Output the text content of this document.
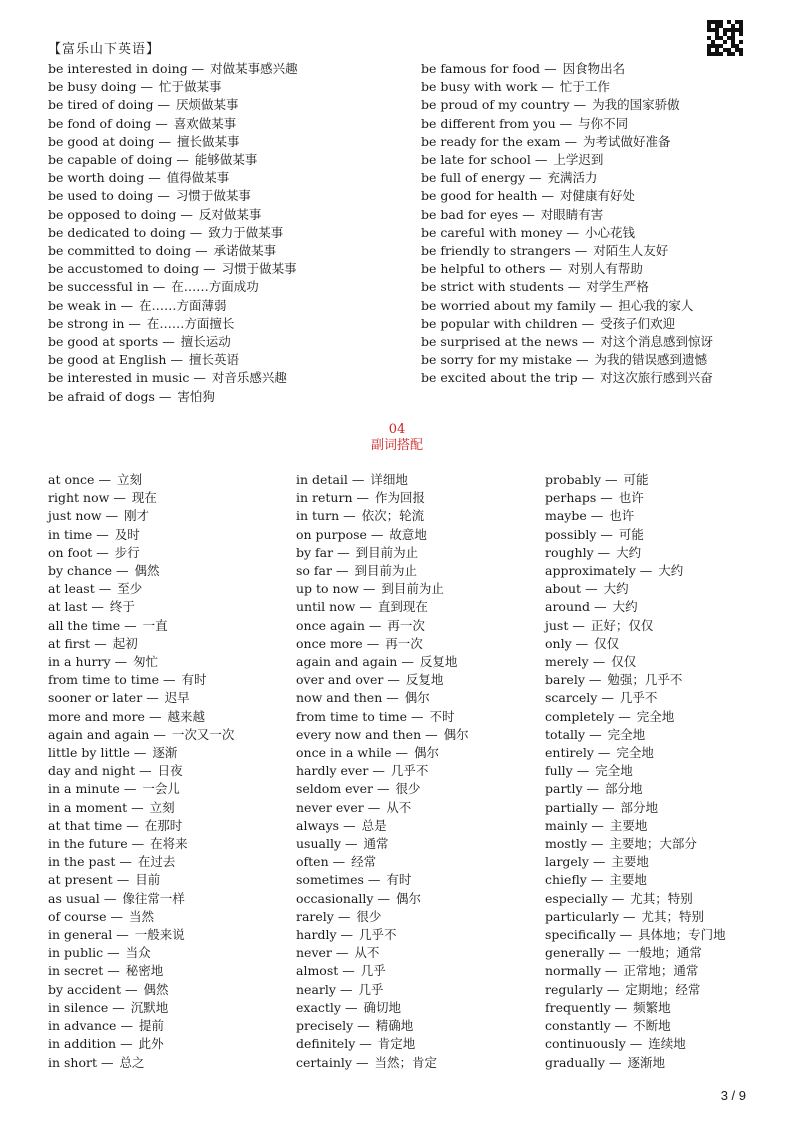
【富乐山下英语】
be interested in doing — 对做某事感兴趣
be busy doing — 忙于做某事
be tired of doing — 厌烦做某事
be fond of doing — 喜欢做某事
be good at doing — 擅长做某事
be capable of doing — 能够做某事
be worth doing — 值得做某事
be used to doing — 习惯于做某事
be opposed to doing — 反对做某事
be dedicated to doing — 致力于做某事
be committed to doing — 承诺做某事
be accustomed to doing — 习惯于做某事
be successful in — 在……方面成功
be weak in — 在……方面薄弱
be strong in — 在……方面擅长
be good at sports — 擅长运动
be good at English — 擅长英语
be interested in music — 对音乐感兴趣
be afraid of dogs — 害怕狗
be famous for food — 因食物出名
be busy with work — 忙于工作
be proud of my country — 为我的国家骄傲
be different from you — 与你不同
be ready for the exam — 为考试做好准备
be late for school — 上学迟到
be full of energy — 充满活力
be good for health — 对健康有好处
be bad for eyes — 对眼睛有害
be careful with money — 小心花钱
be friendly to strangers — 对陌生人友好
be helpful to others — 对别人有帮助
be strict with students — 对学生严格
be worried about my family — 担心我的家人
be popular with children — 受孩子们欢迎
be surprised at the news — 对这个消息感到惊讶
be sorry for my mistake — 为我的错误感到遗憾
be excited about the trip — 对这次旅行感到兴奋
04
副词搭配
at once — 立刻
right now — 现在
just now — 刚才
in time — 及时
on foot — 步行
by chance — 偶然
at least — 至少
at last — 终于
all the time — 一直
at first — 起初
in a hurry — 匆忙
from time to time — 有时
sooner or later — 迟早
more and more — 越来越
again and again — 一次又一次
little by little — 逐渐
day and night — 日夜
in a minute — 一会儿
in a moment — 立刻
at that time — 在那时
in the future — 在将来
in the past — 在过去
at present — 目前
as usual — 像往常一样
of course — 当然
in general — 一般来说
in public — 当众
in secret — 秘密地
by accident — 偶然
in silence — 沉默地
in advance — 提前
in addition — 此外
in short — 总之
in detail — 详细地
in return — 作为回报
in turn — 依次；轮流
on purpose — 故意地
by far — 到目前为止
so far — 到目前为止
up to now — 到目前为止
until now — 直到现在
once again — 再一次
once more — 再一次
again and again — 反复地
over and over — 反复地
now and then — 偶尔
from time to time — 不时
every now and then — 偶尔
once in a while — 偶尔
hardly ever — 几乎不
seldom ever — 很少
never ever — 从不
always — 总是
usually — 通常
often — 经常
sometimes — 有时
occasionally — 偶尔
rarely — 很少
hardly — 几乎不
never — 从不
almost — 几乎
nearly — 几乎
exactly — 确切地
precisely — 精确地
definitely — 肯定地
certainly — 当然；肯定
probably — 可能
perhaps — 也许
maybe — 也许
possibly — 可能
roughly — 大约
approximately — 大约
about — 大约
around — 大约
just — 正好；仅仅
only — 仅仅
merely — 仅仅
barely — 勉强；几乎不
scarcely — 几乎不
completely — 完全地
totally — 完全地
entirely — 完全地
fully — 完全地
partly — 部分地
partially — 部分地
mainly — 主要地
mostly — 主要地；大部分
largely — 主要地
chiefly — 主要地
especially — 尤其；特别
particularly — 尤其；特别
specifically — 具体地；专门地
generally — 一般地；通常
normally — 正常地；通常
regularly — 定期地；经常
frequently — 频繁地
constantly — 不断地
continuously — 连续地
gradually — 逐渐地
3 / 9
